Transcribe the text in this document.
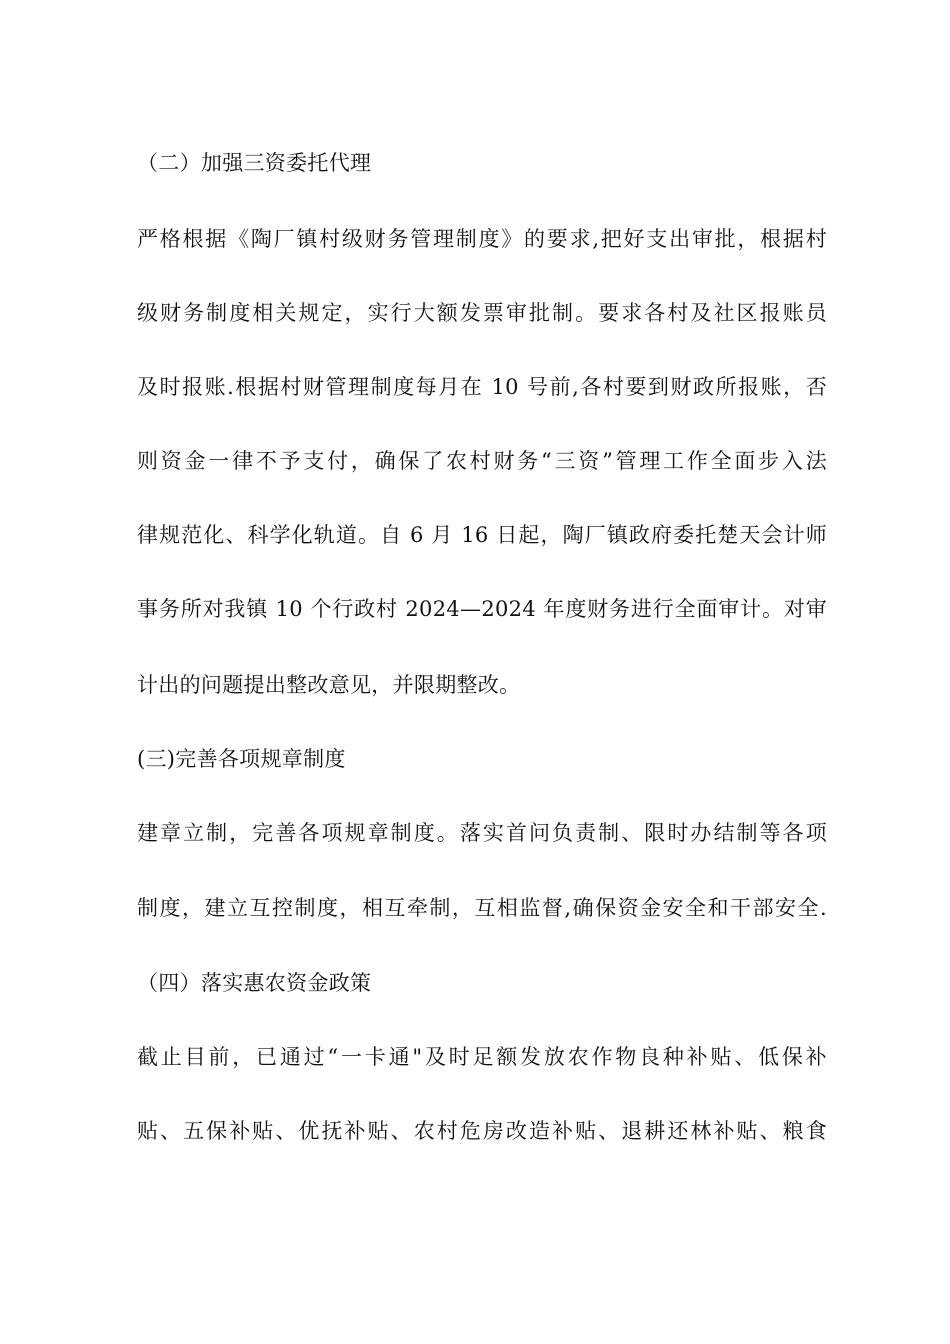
（二）加强三资委托代理
严格根据《陶厂镇村级财务管理制度》的要求,把好支出审批，根据村
级财务制度相关规定，实行大额发票审批制。要求各村及社区报账员
及时报账.根据村财管理制度每月在 10 号前,各村要到财政所报账，否
则资金一律不予支付，确保了农村财务“三资”管理工作全面步入法
律规范化、科学化轨道。自 6 月 16 日起，陶厂镇政府委托楚天会计师
事务所对我镇 10 个行政村 2024—2024 年度财务进行全面审计。对审
计出的问题提出整改意见，并限期整改。
(三)完善各项规章制度
建章立制，完善各项规章制度。落实首问负责制、限时办结制等各项
制度，建立互控制度，相互牵制，互相监督,确保资金安全和干部安全.
（四）落实惠农资金政策
截止目前，已通过“一卡通"及时足额发放农作物良种补贴、低保补
贴、五保补贴、优抚补贴、农村危房改造补贴、退耕还林补贴、粮食
